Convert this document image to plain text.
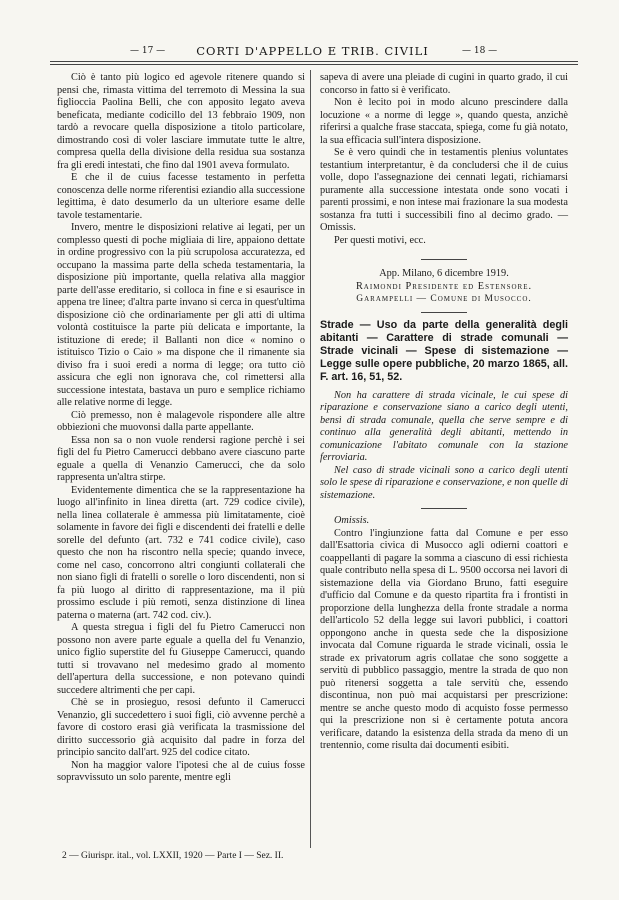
— 17 —	CORTI D'APPELLO E TRIB. CIVILI	— 18 —

Ciò è tanto più logico ed agevole ritenere quando si pensi che, rimasta vittima del terremoto di Messina la sua figlioccia Paolina Belli, che con apposito legato aveva beneficata, mediante codicillo del 13 febbraio 1909, non tardò a revocare quella disposizione a titolo particolare, dimostrando così di voler lasciare immutate tutte le altre, compresa quella della divisione della residua sua sostanza fra gli eredi intestati, che fino dal 1901 aveva formulato.

E che il de cuius facesse testamento in perfetta conoscenza delle norme riferentisi eziandio alla successione legittima, è dato desumerlo da un ulteriore esame delle tavole testamentarie.

Invero, mentre le disposizioni relative ai legati, per un complesso questi di poche migliaia di lire, appaiono dettate in ordine progressivo con la più scrupolosa accuratezza, ed occupano la massima parte della scheda testamentaria, la disposizione più importante, quella relativa alla maggior parte dell'asse ereditario, si colloca in fine e si esaurisce in appena tre linee; d'altra parte invano si cerca in quest'ultima disposizione ciò che ordinariamente per gli atti di ultima volontà costituisce la parte più delicata e importante, la istituzione di erede; il Ballanti non dice « nomino o istituisco Tizio o Caio » ma dispone che il rimanente sia diviso fra i suoi eredi a norma di legge; ora tutto ciò assicura che egli non ignorava che, col rimettersi alla successione intestata, bastava un puro e semplice richiamo alle relative norme di legge.

Ciò premesso, non è malagevole rispondere alle altre obbiezioni che muovonsi dalla parte appellante.

Essa non sa o non vuole rendersi ragione perchè i sei figli del fu Pietro Camerucci debbano avere ciascuno parte eguale a quella di Venanzio Camerucci, che da solo rappresenta un'altra stirpe.

Evidentemente dimentica che se la rappresentazione ha luogo all'infinito in linea diretta (art. 729 codice civile), nella linea collaterale è ammessa più limitatamente, cioè solamente in favore dei figli e discendenti dei fratelli e delle sorelle del defunto (art. 732 e 741 codice civile), caso questo che non ha riscontro nella specie; quando invece, come nel caso, concorrono altri congiunti collaterali che non siano figli di fratelli o sorelle o loro discendenti, non si fa più luogo al diritto di rappresentazione, ma il più prossimo esclude i più remoti, senza distinzione di linea paterna o materna (art. 742 cod. civ.).

A questa stregua i figli del fu Pietro Camerucci non possono non avere parte eguale a quella del fu Venanzio, unico figlio superstite del fu Giuseppe Camerucci, quando tutti si trovavano nel medesimo grado al momento dell'apertura della successione, e non potevano quindi succedere altrimenti che per capi.

Chè se in prosieguo, resosi defunto il Camerucci Venanzio, gli succedettero i suoi figli, ciò avvenne perchè a favore di costoro erasi già verificata la trasmissione del diritto successorio già acquisito dal padre in forza del principio sancito dall'art. 925 del codice citato.

Non ha maggior valore l'ipotesi che al de cuius fosse sopravvissuto un solo parente, mentre egli

sapeva di avere una pleiade di cugini in quarto grado, il cui concorso in fatto si è verificato.

Non è lecito poi in modo alcuno prescindere dalla locuzione « a norme di legge », quando questa, anzichè riferirsi a qualche frase staccata, spiega, come fu già notato, la sua efficacia sull'intera disposizione.

Se è vero quindi che in testamentis plenius voluntates testantium interpretantur, è da concludersi che il de cuius volle, dopo l'assegnazione dei cennati legati, richiamarsi puramente alla successione intestata onde sono vocati i parenti prossimi, e non intese mai frazionare la sua modesta sostanza fra tutti i successibili fino al decimo grado. — Omissis.

Per questi motivi, ecc.

App. Milano, 6 dicembre 1919.

Raimondi Presidente ed Estensore.

Garampelli — Comune di Musocco.

Strade — Uso da parte della generalità degli abitanti — Carattere di strade comunali — Strade vicinali — Spese di sistemazione — Legge sulle opere pubbliche, 20 marzo 1865, all. F. art. 16, 51, 52.

Non ha carattere di strada vicinale, le cui spese di riparazione e conservazione siano a carico degli utenti, bensì di strada comunale, quella che serve sempre e di continuo alla generalità degli abitanti, mettendo in comunicazione l'abitato comunale con la stazione ferroviaria.

Nel caso di strade vicinali sono a carico degli utenti solo le spese di riparazione e conservazione, e non quelle di sistemazione.

Omissis.

Contro l'ingiunzione fatta dal Comune e per esso dall'Esattoria civica di Musocco agli odierni coattori e coappellanti di pagare la somma a ciascuno di essi richiesta quale contributo nella spesa di L. 9500 occorsa nei lavori di sistemazione della via Giordano Bruno, fatti eseguire d'ufficio dal Comune e da questo ripartita fra i frontisti in proporzione della lunghezza della fronte stradale a norma dell'articolo 52 della legge sui lavori pubblici, i coattori oppongono anche in questa sede che la disposizione invocata dal Comune riguarda le strade vicinali, ossia le strade ex privatorum agris collatae che sono soggette a servitù di pubblico passaggio, mentre la strada de quo non può ritenersi soggetta a tale servitù che, essendo discontinua, non può mai acquistarsi per prescrizione: mentre se anche questo modo di acquisto fosse permesso qui la prescrizione non si è certamente potuta ancora verificare, datando la esistenza della strada da meno di un trentennio, come risulta dai documenti esibiti.

2 — Giurispr. ital., vol. LXXII, 1920 — Parte I — Sez. II.
